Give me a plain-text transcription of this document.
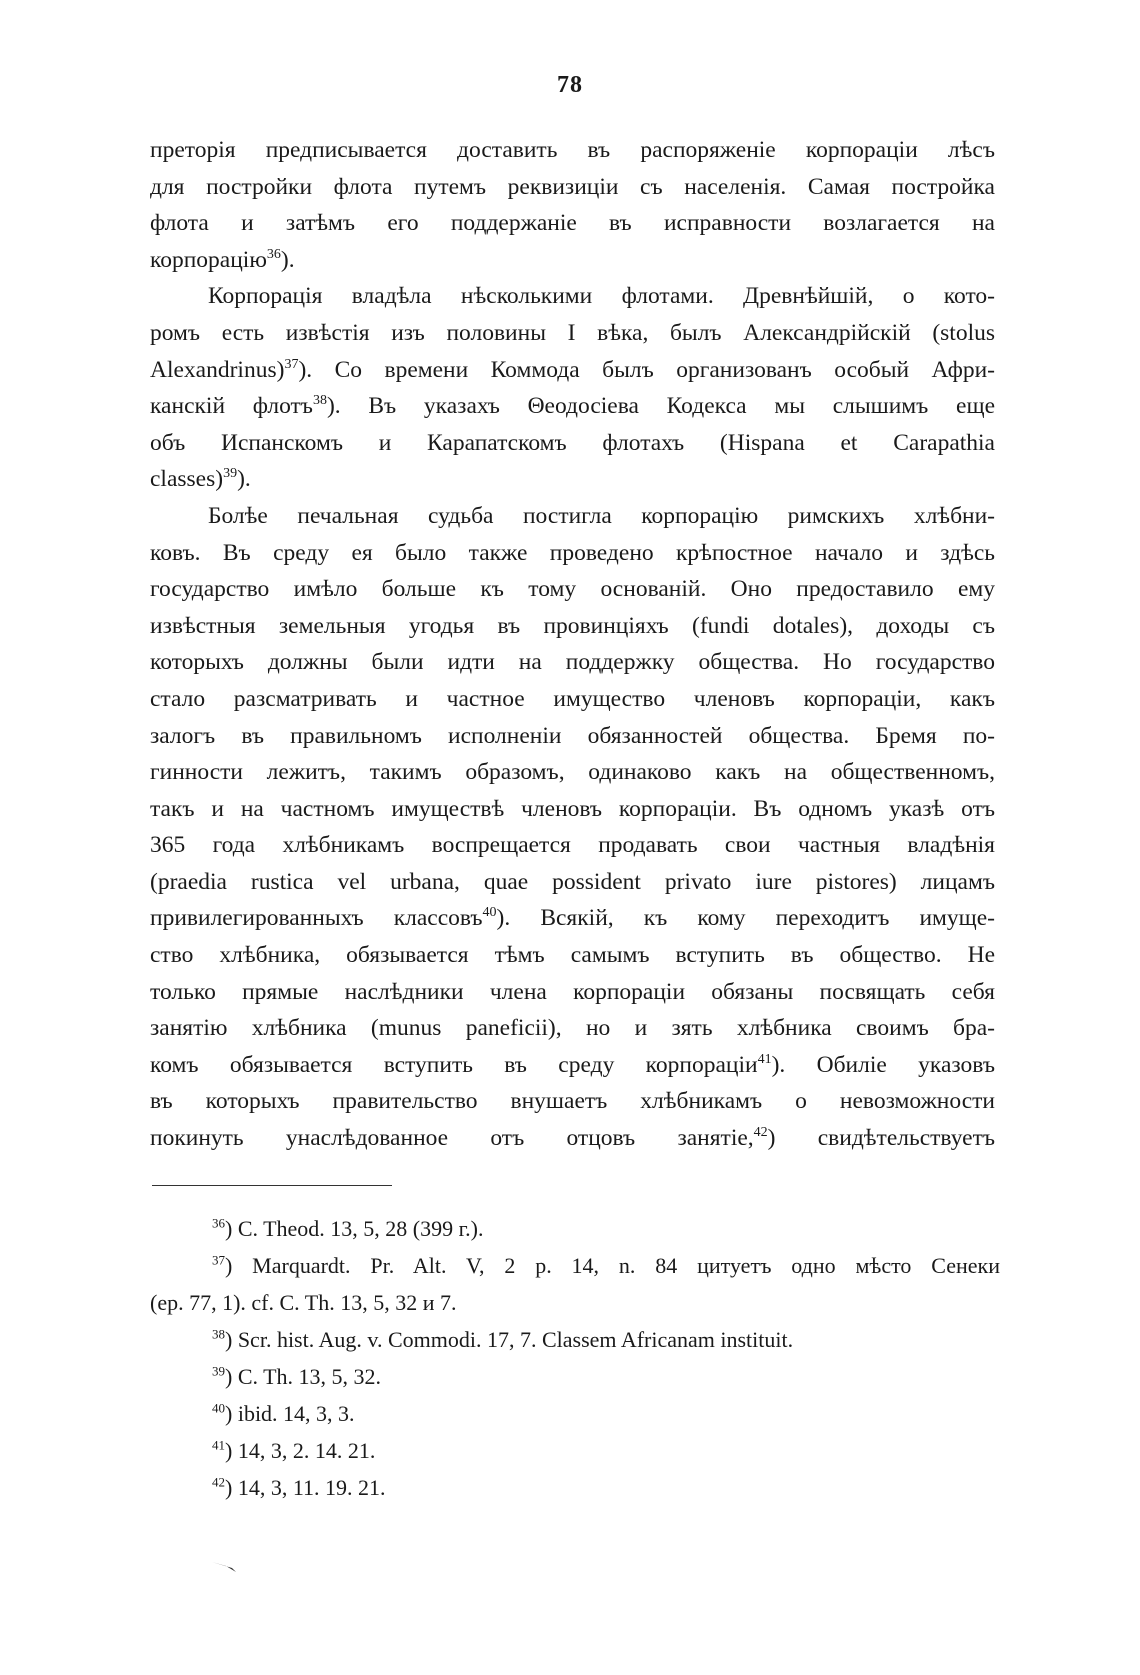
78

преторія предписывается доставить въ распоряженіе корпораціи лѣсъ
для постройки флота путемъ реквизиціи съ населенія. Самая постройка
флота и затѣмъ его поддержаніе въ исправности возлагается на
корпорацію$^{36}$).

Корпорація владѣла нѣсколькими флотами. Древнѣйшій, о кото-
ромъ есть извѣстія изъ половины I вѣка, былъ Александрійскій (stolus
Alexandrinus)$^{37}$). Со времени Коммода былъ организованъ особый Афри-
канскій флотъ$^{38}$). Въ указахъ Θеодосіева Кодекса мы слышимъ еще
объ Испанскомъ и Карапатскомъ флотахъ (Hispana et Carapathia
classes)$^{39}$).

Болѣе печальная судьба постигла корпорацію римскихъ хлѣбни-
ковъ. Въ среду ея было также проведено крѣпостное начало и здѣсь
государство имѣло больше къ тому основаній. Оно предоставило ему
извѣстныя земельныя угодья въ провинціяхъ (fundi dotales), доходы съ
которыхъ должны были идти на поддержку общества. Но государство
стало разсматривать и частное имущество членовъ корпораціи, какъ
залогъ въ правильномъ исполненіи обязанностей общества. Бремя по-
гинности лежитъ, такимъ образомъ, одинаково какъ на общественномъ,
такъ и на частномъ имуществѣ членовъ корпораціи. Въ одномъ указѣ отъ
365 года хлѣбникамъ воспрещается продавать свои частныя владѣнія
(praedia rustica vel urbana, quae possident privato iure pistores) лицамъ
привилегированныхъ классовъ$^{40}$). Всякій, къ кому переходитъ имуще-
ство хлѣбника, обязывается тѣмъ самымъ вступить въ общество. Не
только прямые наслѣдники члена корпораціи обязаны посвящать себя
занятію хлѣбника (munus paneficii), но и зять хлѣбника своимъ бра-
комъ обязывается вступить въ среду корпораціи$^{41}$). Обиліе указовъ
въ которыхъ правительство внушаетъ хлѣбникамъ о невозможности
покинуть унаслѣдованное отъ отцовъ занятіе,$^{42}$) свидѣтельствуетъ

$^{36}$) C. Theod. 13, 5, 28 (399 г.).
$^{37}$) Marquardt. Pr. Alt. V, 2 p. 14, n. 84 цитуетъ одно мѣсто Сенеки
(ep. 77, 1). cf. C. Th. 13, 5, 32 и 7.
$^{38}$) Scr. hist. Aug. v. Commodi. 17, 7. Classem Africanam instituit.
$^{39}$) C. Th. 13, 5, 32.
$^{40}$) ibid. 14, 3, 3.
$^{41}$) 14, 3, 2. 14. 21.
$^{42}$) 14, 3, 11. 19. 21.
